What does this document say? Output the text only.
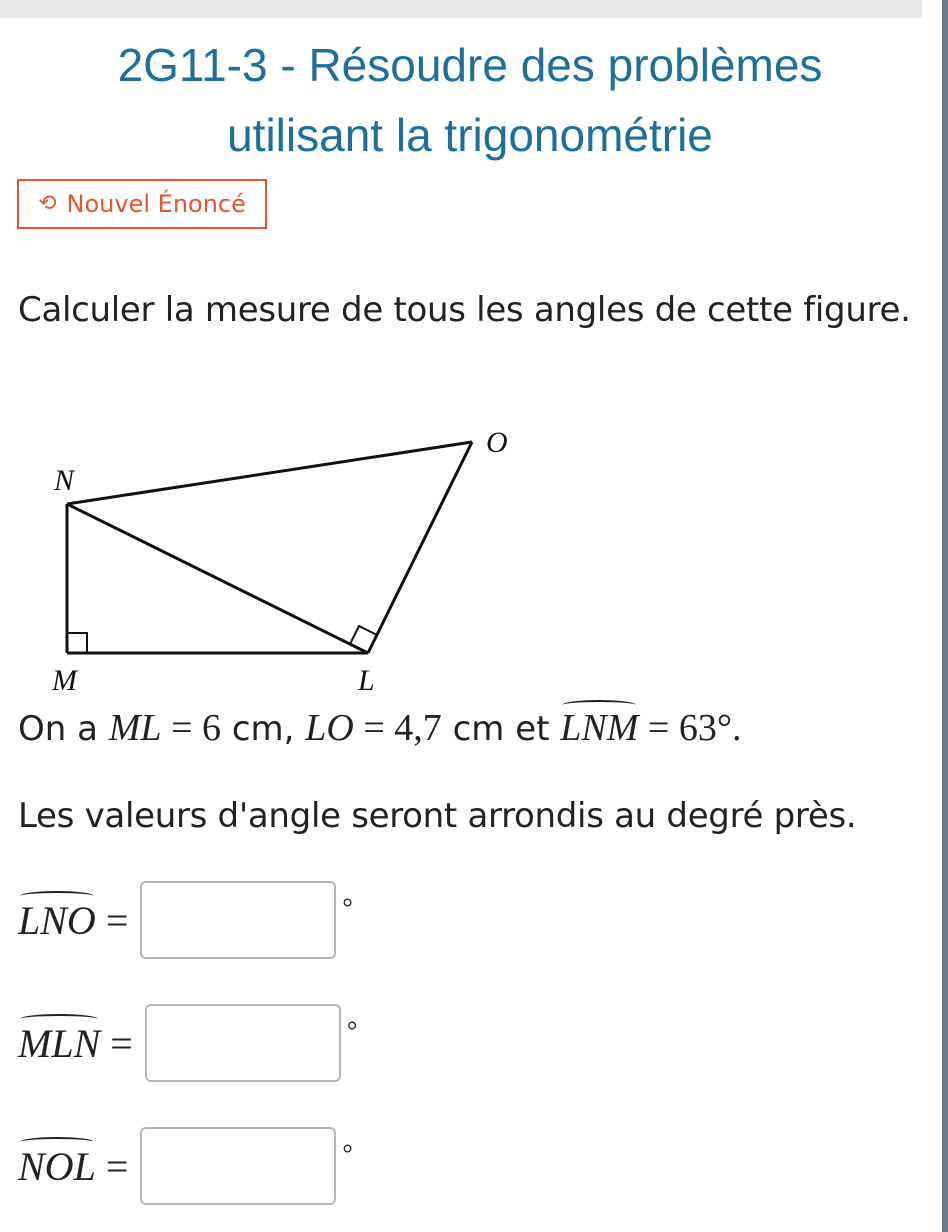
2G11-3 - Résoudre des problèmes
utilisant la trigonométrie
⟲ Nouvel Énoncé

Calculer la mesure de tous les angles de cette figure.

N
O
M	L
On a ML = 6 cm, LO = 4,7 cm et LNM = 63°.

Les valeurs d'angle seront arrondis au degré près.

LNO =	°
MLN =	°
NOL =	°
